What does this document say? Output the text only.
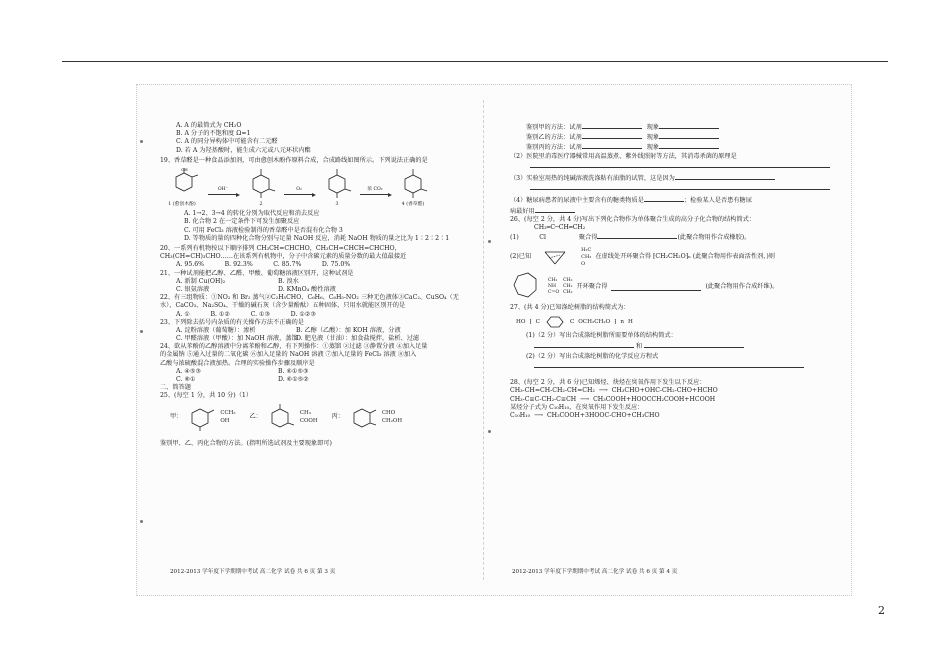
A. A 的最简式为 CH₂O

B. A 分子的不饱和度 Ω=1

C. A 的同分异构体中可能含有二元醛

D. 若 A 为羟基酸时，能生成六元或八元环状内酯

19、香草醛是一种食品添加剂，可由愈创木酚作原料合成，合成路线如图所示。下列说法正确的是

OH
1 (愈创木酚)
OH⁻
2
O₂
3
浓 CO₂
4 (香草醛)

A. 1→2、3→4 的转化分别为取代反应和消去反应

B. 化合物 2 在一定条件下可发生加聚反应

C. 可用 FeCl₃ 溶液检验制得的香草醛中是否混有化合物 3

D. 等物质的量的四种化合物分别与足量 NaOH 反应，消耗 NaOH 物质的量之比为 1∶2∶2∶1

20、一系列有机物按以下顺序排列 CH₃CH=CHCHO，CH₃CH=CHCH=CHCHO，

CH₃(CH=CH)₃CHO……在该系列有机物中，分子中含碳元素的质量分数的最大值最接近

A. 95.6%   	B. 92.3%   	C. 85.7%   	D. 75.0%

21、一种试剂能把乙醇、乙醛、甲酸、葡萄糖溶液区别开，这种试剂是

A. 新制 Cu(OH)₂	B. 溴水

C. 银氨溶液	D. KMnO₄ 酸性溶液

22、有三组物质：①NO₂ 和 Br₂ 蒸气②C₂H₅CHO、C₆H₆、C₆H₅-NO₂ 三种无色液体③CaC₂、CuSO₄（无

水）、CaCO₃、Na₂SO₄、干燥的碱石灰（含少量酚酞）五种固体，只用水就能区别开的是

A. ①   	B. ①②   	C. ①③   	D. ①②③

23、下列除去括号内杂质的有关操作方法不正确的是

A. 淀粉溶液（葡萄糖）：渗析	B. 乙醇（乙酸）：加 KOH 溶液，分液

C. 甲醛溶液（甲酸）：加 NaOH 溶液，蒸馏 D. 肥皂液（甘油）：加食盐搅拌，盐析、过滤

24、欲从苯酚的乙醇溶液中分离苯酚和乙醇，有下列操作：①蒸馏 ②过滤 ③静置分液 ④加入足量

的金属钠 ⑤通入过量的二氧化碳 ⑥加入足量的 NaOH 溶液 ⑦加入足量的 FeCl₃ 溶液 ⑧加入

乙酸与浓硫酸混合液加热。合理的实验操作步骤及顺序是

A. ④⑤③	B. ⑥①⑤③

C. ⑧①	D. ⑥①⑤②

二、简答题

25、(每空 1 分，共 10 分)（1）

甲：
CCH₃
OH
乙：
CH₃
COOH
丙：
CHO
CH₂OH

鉴别甲、乙、丙化合物的方法。(指明所选试剂及主要现象即可)

2012-2013 学年度下学期期中考试 高二化学 试卷 共 6 页 第 3 页

鉴别甲的方法：试剂 	现象

鉴别乙的方法：试剂 	现象

鉴别丙的方法：试剂 	现象

（2）医院里消毒医疗器械常用高温蒸煮、紫外线照射等方法，其消毒杀菌的原理是

（3）实验室用热的纯碱溶液洗涤粘有油脂的试管，这是因为

（4）糖尿病患者的尿液中主要含有的糖类物质是	；检验某人是否患有糖尿

病最好用

26、(每空 2 分，共 4 分)写出下列化合物作为单体聚合生成的高分子化合物的结构简式：

CH₂═C─CH═CH₂

(1)   	Cl     	聚合得	(此聚合物用作合成橡胶)。

(2)已知
H₂C
CH₂
O
在虚线处开环聚合得 ⁅CH₂CH₂O⁆ₙ (此聚合物用作表面活性剂，)则
CH₂
NH
C=O
CH₂
CH₂
CH₂
开环聚合得	(此聚合物用作合成纤维)。

27、(共 4 分)已知涤纶树脂的结构简式为：

HO ⁅ C	C OCH₂CH₂O ⁆ n H

(1)（2 分）写出合成涤纶树脂所需要单体的结构简式：

和

(2)（2 分）写出合成涤纶树脂的化学反应方程式

28、(每空 2 分，共 6 分)已知烯烃、炔烃在臭氧作用下发生以下反应：

CH₃-CH=CH-CH₂-CH=CH₂ ⟶ CH₃CHO+OHC-CH₂-CHO+HCHO
CH₃-C≡C-CH₂-C≡CH ⟶ CH₃COOH+HOOCCH₂COOH+HCOOH

某烃分子式为 C₁₀H₁₀，在臭氧作用下发生反应：

C₁₀H₁₀ ⟶ CH₃COOH+3HOOC-CHO+CH₃CHO
2012-2013 学年度下学期期中考试 高二化学 试卷 共 6 页 第 4 页
2
